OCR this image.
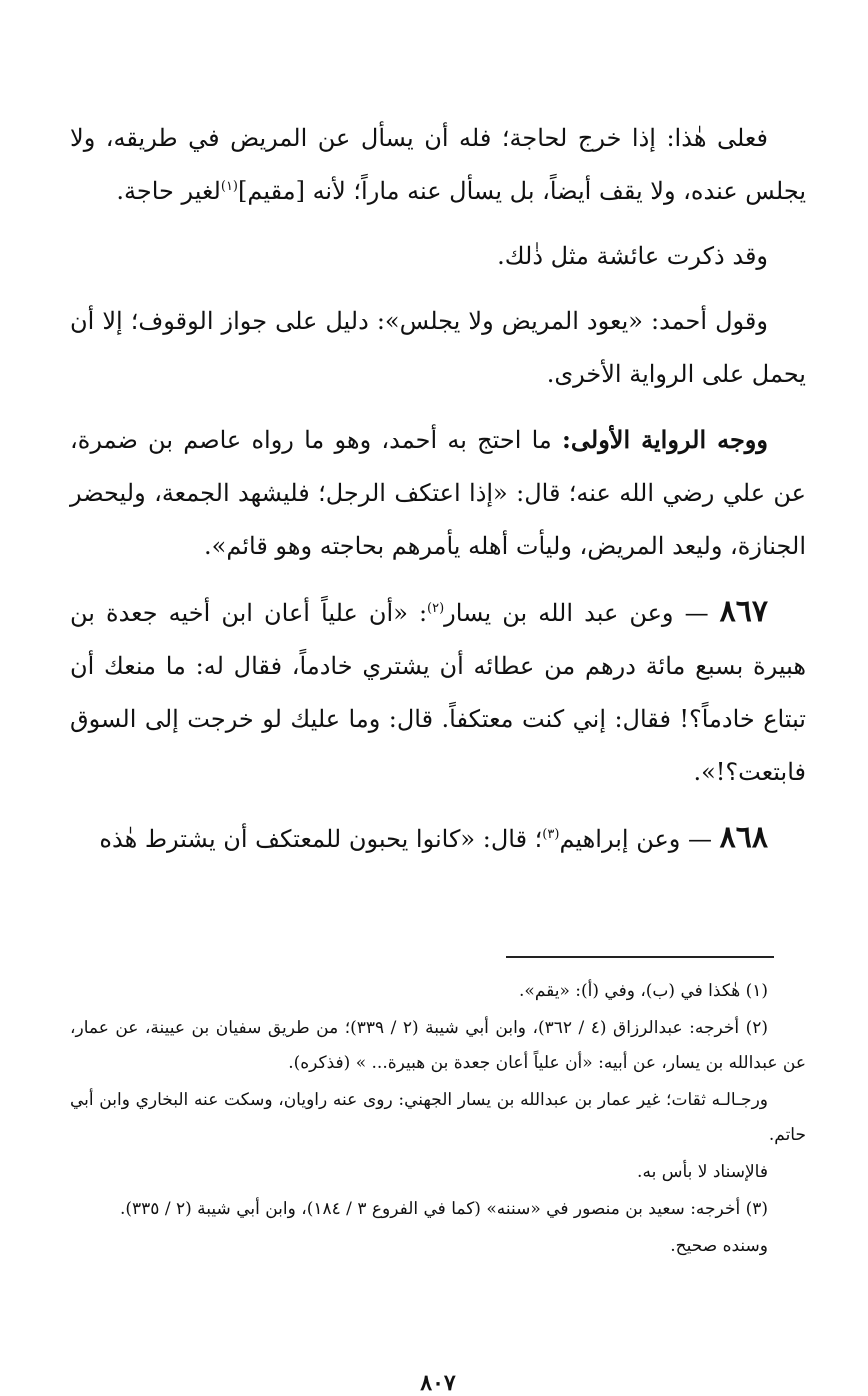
فعلى هٰذا: إذا خرج لحاجة؛ فله أن يسأل عن المريض في طريقه، ولا يجلس عنده، ولا يقف أيضاً، بل يسأل عنه ماراً؛ لأنه [مقيم]$^{(١)}$لغير حاجة.

وقد ذكرت عائشة مثل ذٰلك.

وقول أحمد: «يعود المريض ولا يجلس»: دليل على جواز الوقوف؛ إلا أن يحمل على الرواية الأخرى.

ووجه الرواية الأولى: ما احتج به أحمد، وهو ما رواه عاصم بن ضمرة، عن علي رضي الله عنه؛ قال: «إذا اعتكف الرجل؛ فليشهد الجمعة، وليحضر الجنازة، وليعد المريض، وليأت أهله يأمرهم بحاجته وهو قائم».

٨٦٧ — وعن عبد الله بن يسار$^{(٢)}$: «أن علياً أعان ابن أخيه جعدة بن هبيرة بسبع مائة درهم من عطائه أن يشتري خادماً، فقال له: ما منعك أن تبتاع خادماً؟! فقال: إني كنت معتكفاً. قال: وما عليك لو خرجت إلى السوق فابتعت؟!».

٨٦٨ — وعن إبراهيم$^{(٣)}$؛ قال: «كانوا يحبون للمعتكف أن يشترط هٰذه

(١) هٰكذا في (ب)، وفي (أ): «يقم».

(٢) أخرجه: عبدالرزاق (٤ / ٣٦٢)، وابن أبي شيبة (٢ / ٣٣٩)؛ من طريق سفيان بن عيينة، عن عمار، عن عبدالله بن يسار، عن أبيه: «أن علياً أعان جعدة بن هبيرة... » (فذكره).

ورجـالـه ثقات؛ غير عمار بن عبدالله بن يسار الجهني: روى عنه راويان، وسكت عنه البخاري وابن أبي حاتم.

فالإسناد لا بأس به.

(٣) أخرجه: سعيد بن منصور في «سننه» (كما في الفروع ٣ / ١٨٤)، وابن أبي شيبة (٢ / ٣٣٥).

وسنده صحيح.

٨٠٧
